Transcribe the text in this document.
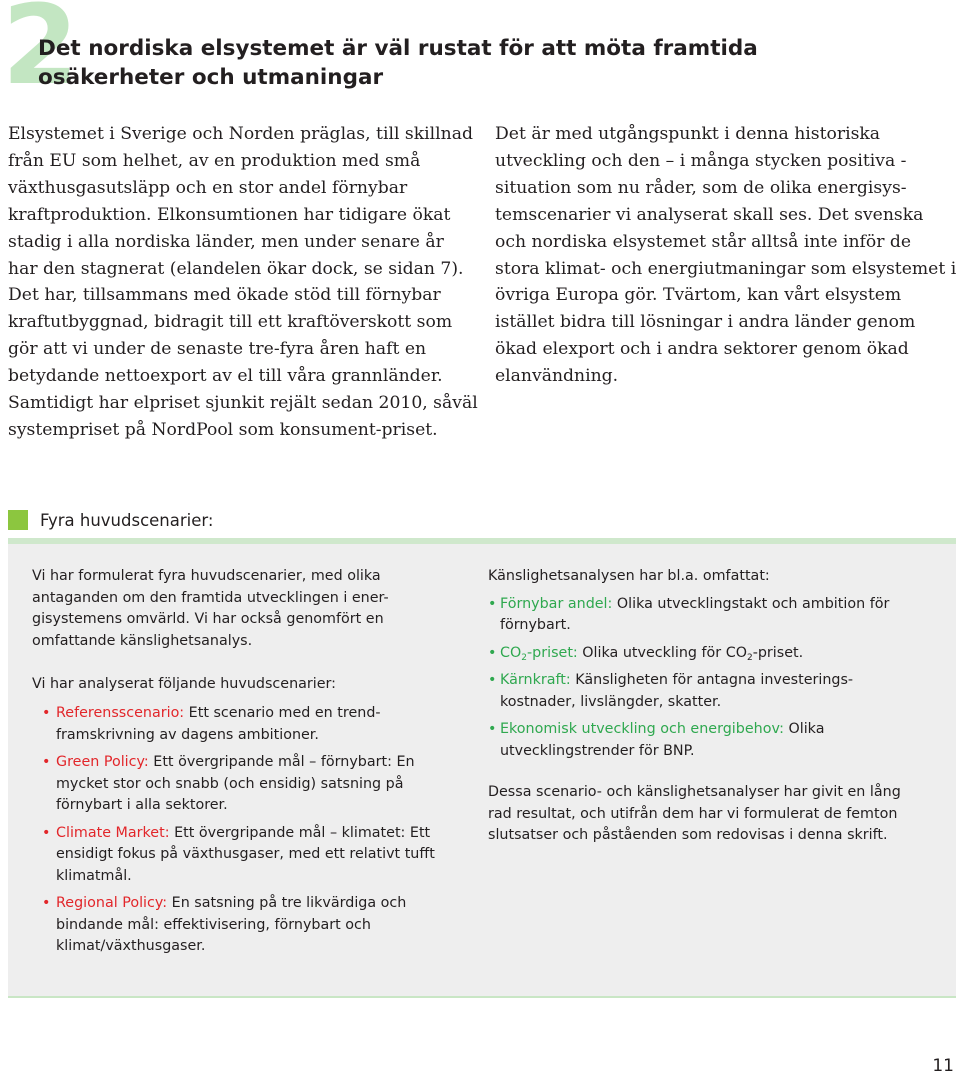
2
Det nordiska elsystemet är väl rustat för att möta framtida osäkerheter och utmaningar

Elsystemet i Sverige och Norden präglas, till skillnad från EU som helhet, av en produktion med små växthusgasutsläpp och en stor andel förnybar kraftproduktion. Elkonsumtionen har tidigare ökat stadig i alla nordiska länder, men under senare år har den stagnerat (elandelen ökar dock, se sidan 7). Det har, tillsammans med ökade stöd till förnybar kraftutbyggnad, bidragit till ett kraftöverskott som gör att vi under de senaste tre-fyra åren haft en betydande nettoexport av el till våra grannländer. Samtidigt har elpriset sjunkit rejält sedan 2010, såväl systempriset på NordPool som konsument-priset.

Det är med utgångspunkt i denna historiska utveckling och den – i många stycken positiva - situation som nu råder, som de olika energisys-temscenarier vi analyserat skall ses. Det svenska och nordiska elsystemet står alltså inte inför de stora klimat- och energiutmaningar som elsystemet i övriga Europa gör. Tvärtom, kan vårt elsystem istället bidra till lösningar i andra länder genom ökad elexport och i andra sektorer genom ökad elanvändning.

Fyra huvudscenarier:

Vi har formulerat fyra huvudscenarier, med olika antaganden om den framtida utvecklingen i ener-gisystemens omvärld. Vi har också genomfört en omfattande känslighetsanalys.

Vi har analyserat följande huvudscenarier:

• Referensscenario: Ett scenario med en trend-framskrivning av dagens ambitioner.
• Green Policy: Ett övergripande mål – förnybart: En mycket stor och snabb (och ensidig) satsning på förnybart i alla sektorer.
• Climate Market: Ett övergripande mål – klimatet: Ett ensidigt fokus på växthusgaser, med ett relativt tufft klimatmål.
• Regional Policy: En satsning på tre likvärdiga och bindande mål: effektivisering, förnybart och klimat/växthusgaser.

Känslighetsanalysen har bl.a. omfattat:

• Förnybar andel: Olika utvecklingstakt och ambition för förnybart.
• $CO_2$-priset: Olika utveckling för $CO_2$-priset.
• Kärnkraft: Känsligheten för antagna investerings-kostnader, livslängder, skatter.
• Ekonomisk utveckling och energibehov: Olika utvecklingstrender för BNP.

Dessa scenario- och känslighetsanalyser har givit en lång rad resultat, och utifrån dem har vi formulerat de femton slutsatser och påståenden som redovisas i denna skrift.

11
